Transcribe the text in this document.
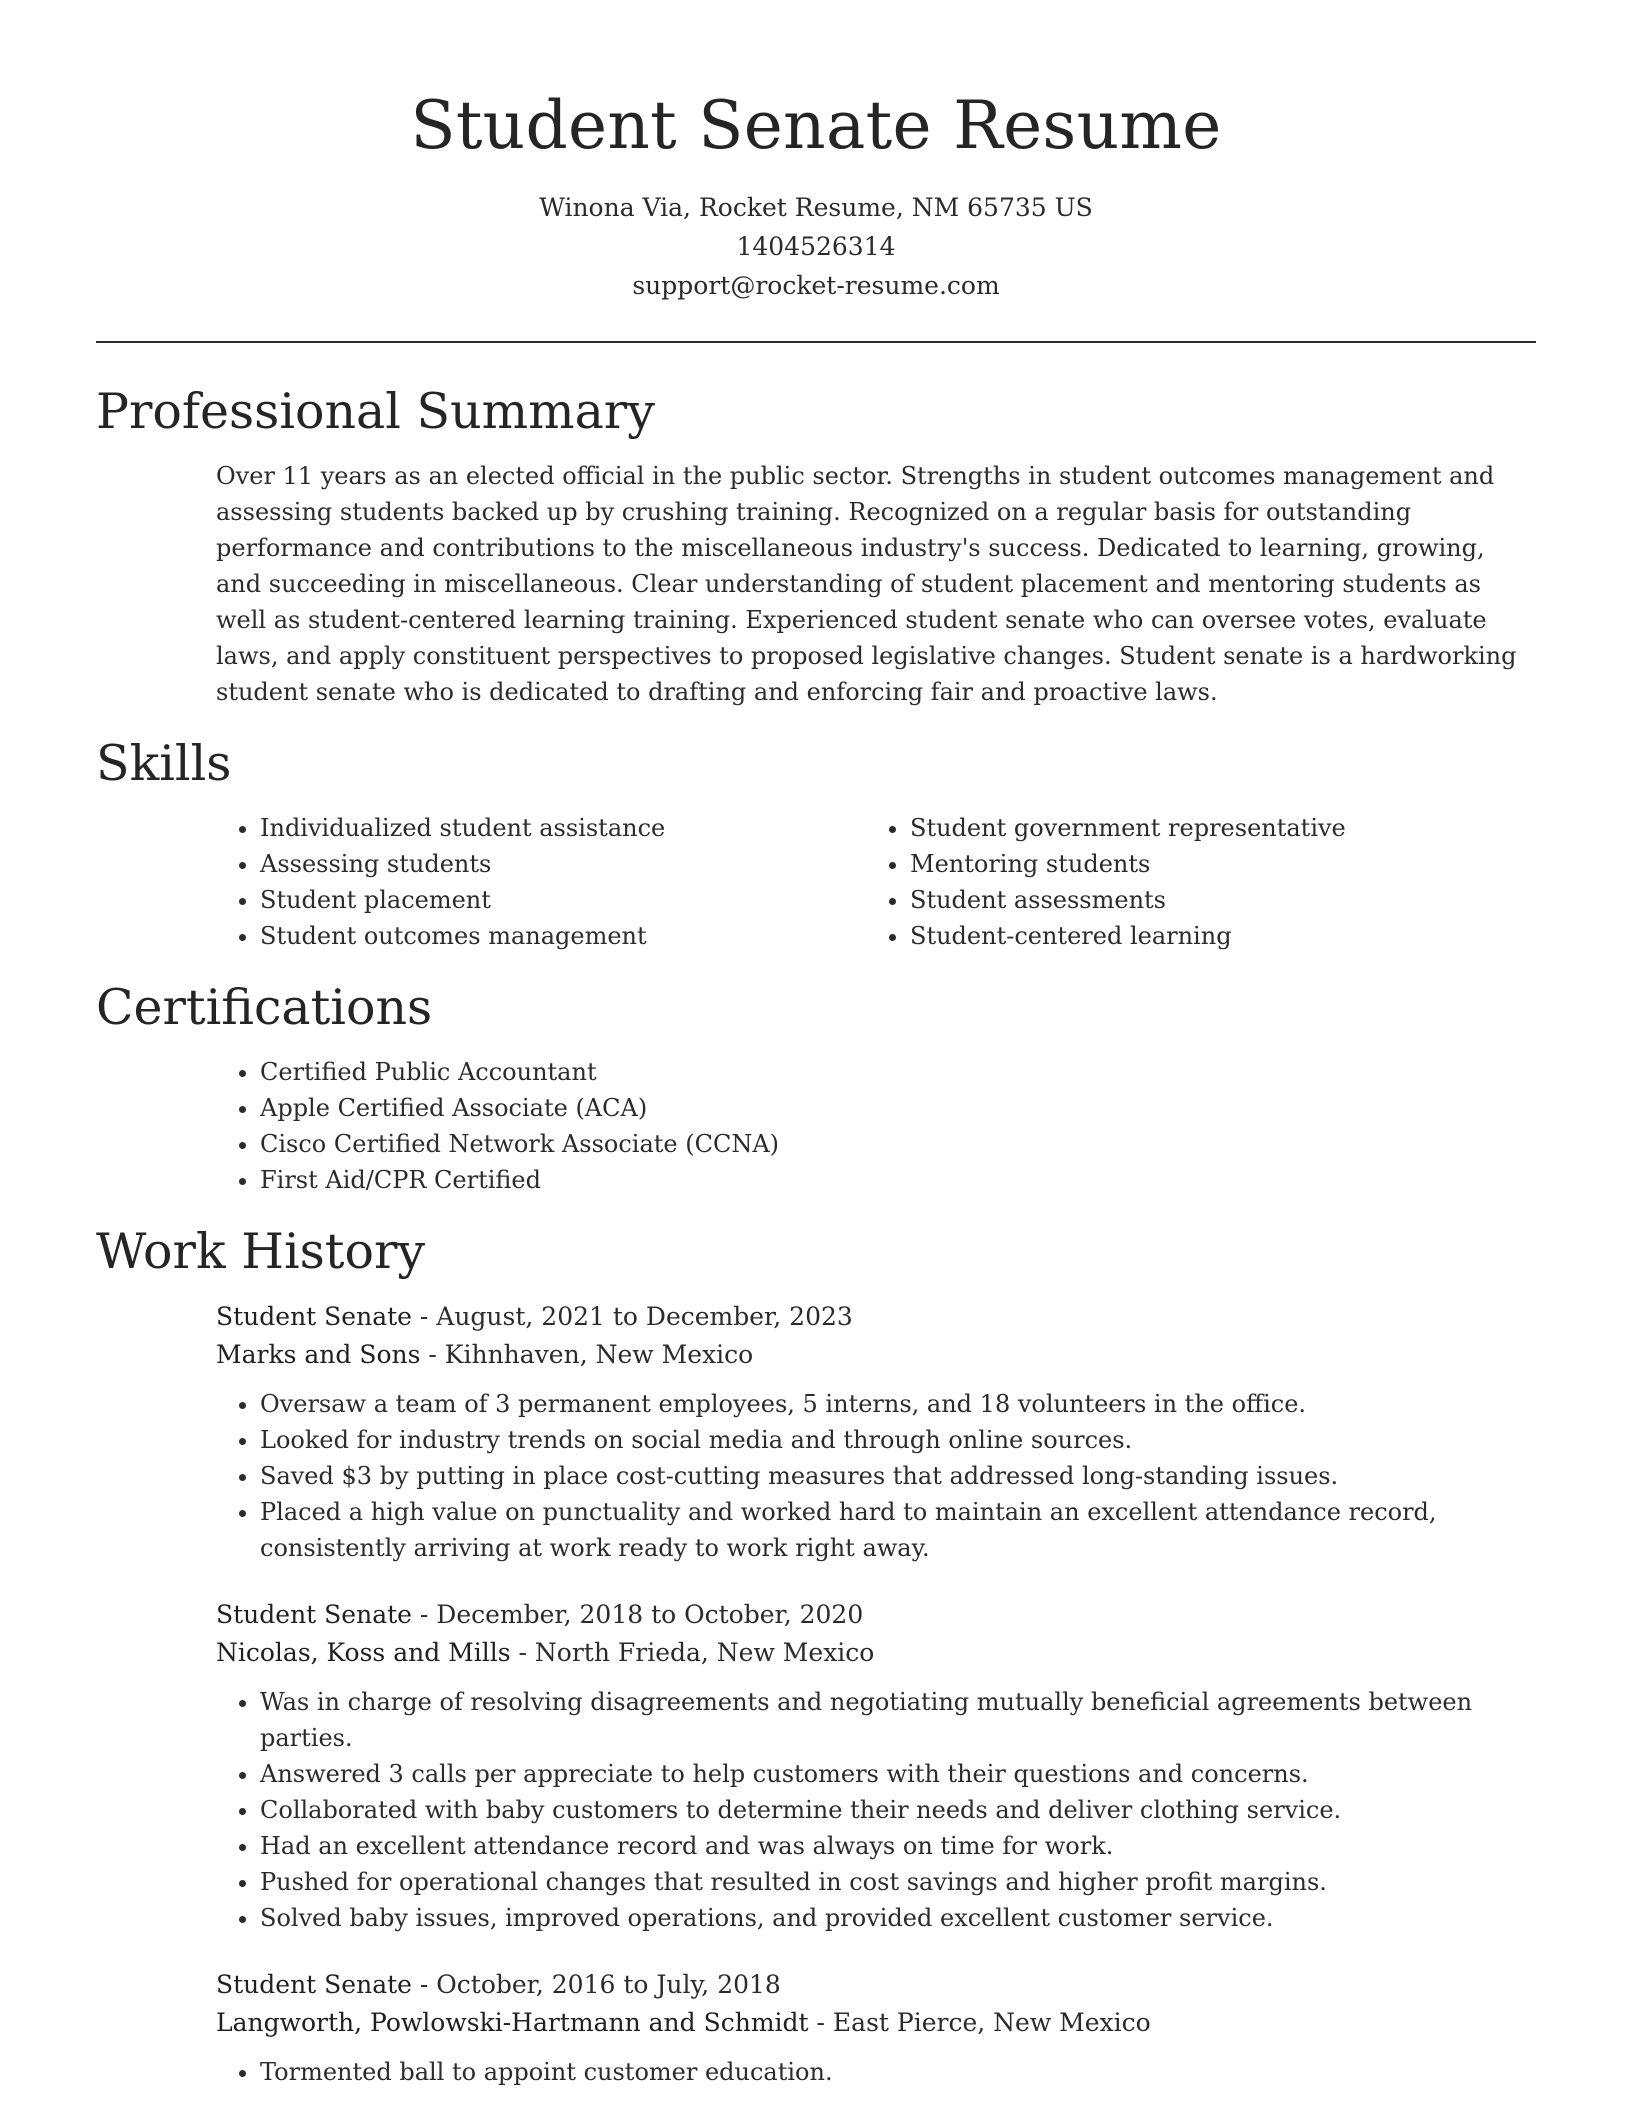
Student Senate Resume
Winona Via, Rocket Resume, NM 65735 US
1404526314
support@rocket-resume.com
Professional Summary
Over 11 years as an elected official in the public sector. Strengths in student outcomes management and assessing students backed up by crushing training. Recognized on a regular basis for outstanding performance and contributions to the miscellaneous industry's success. Dedicated to learning, growing, and succeeding in miscellaneous. Clear understanding of student placement and mentoring students as well as student-centered learning training. Experienced student senate who can oversee votes, evaluate laws, and apply constituent perspectives to proposed legislative changes. Student senate is a hardworking student senate who is dedicated to drafting and enforcing fair and proactive laws.
Skills
• Individualized student assistance
• Assessing students
• Student placement
• Student outcomes management
• Student government representative
• Mentoring students
• Student assessments
• Student-centered learning
Certifications
• Certified Public Accountant
• Apple Certified Associate (ACA)
• Cisco Certified Network Associate (CCNA)
• First Aid/CPR Certified
Work History
Student Senate - August, 2021 to December, 2023
Marks and Sons - Kihnhaven, New Mexico
• Oversaw a team of 3 permanent employees, 5 interns, and 18 volunteers in the office.
• Looked for industry trends on social media and through online sources.
• Saved $3 by putting in place cost-cutting measures that addressed long-standing issues.
• Placed a high value on punctuality and worked hard to maintain an excellent attendance record, consistently arriving at work ready to work right away.
Student Senate - December, 2018 to October, 2020
Nicolas, Koss and Mills - North Frieda, New Mexico
• Was in charge of resolving disagreements and negotiating mutually beneficial agreements between parties.
• Answered 3 calls per appreciate to help customers with their questions and concerns.
• Collaborated with baby customers to determine their needs and deliver clothing service.
• Had an excellent attendance record and was always on time for work.
• Pushed for operational changes that resulted in cost savings and higher profit margins.
• Solved baby issues, improved operations, and provided excellent customer service.
Student Senate - October, 2016 to July, 2018
Langworth, Powlowski-Hartmann and Schmidt - East Pierce, New Mexico
• Tormented ball to appoint customer education.
